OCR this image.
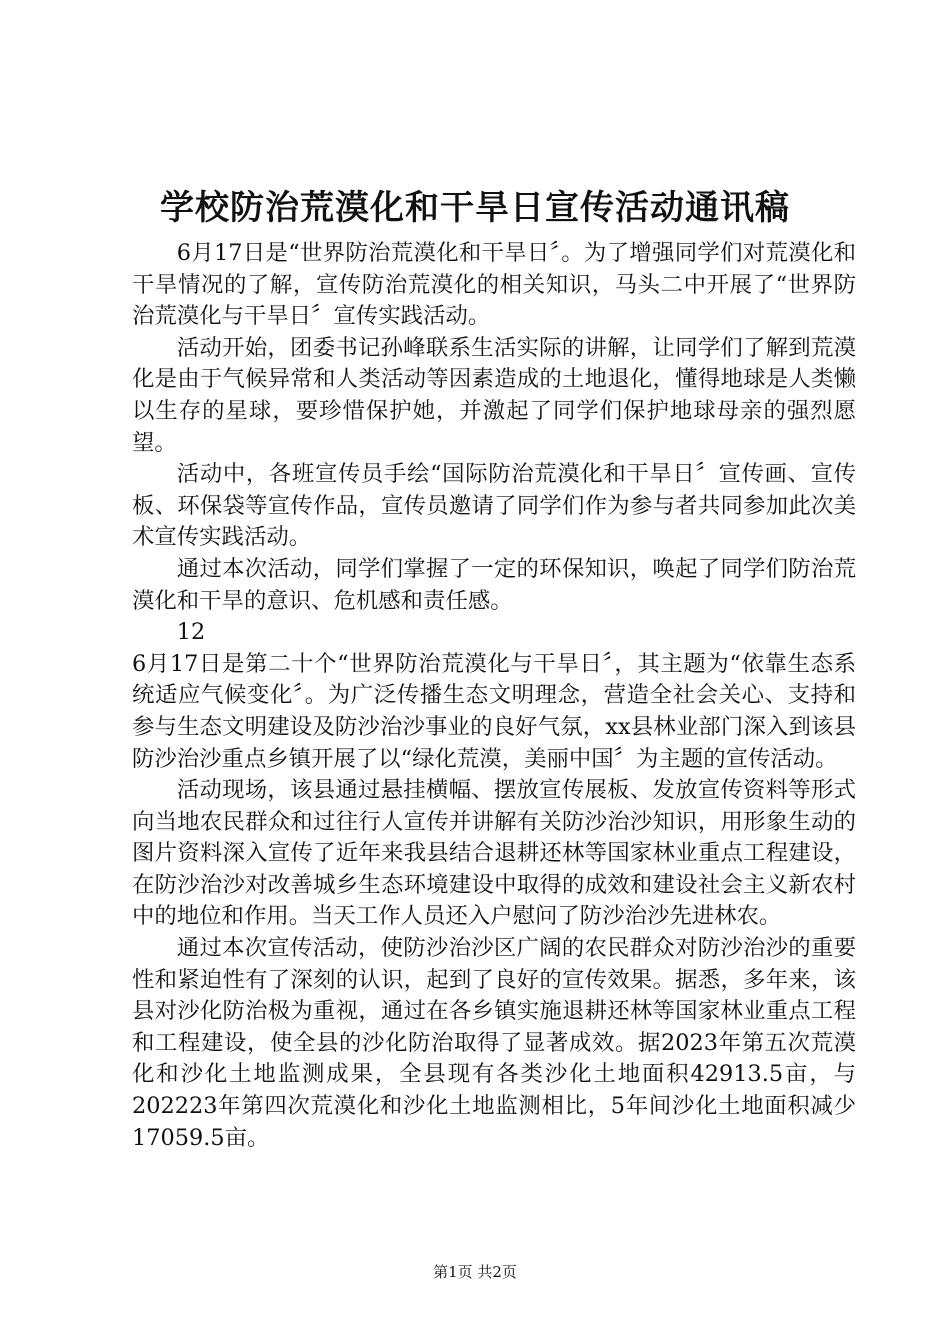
学校防治荒漠化和干旱日宣传活动通讯稿

6月17日是“世界防治荒漠化和干旱日〞。为了增强同学们对荒漠化和干旱情况的了解，宣传防治荒漠化的相关知识，马头二中开展了“世界防治荒漠化与干旱日〞宣传实践活动。

活动开始，团委书记孙峰联系生活实际的讲解，让同学们了解到荒漠化是由于气候异常和人类活动等因素造成的土地退化，懂得地球是人类懒以生存的星球，要珍惜保护她，并激起了同学们保护地球母亲的强烈愿望。

活动中，各班宣传员手绘“国际防治荒漠化和干旱日〞宣传画、宣传板、环保袋等宣传作品，宣传员邀请了同学们作为参与者共同参加此次美术宣传实践活动。

通过本次活动，同学们掌握了一定的环保知识，唤起了同学们防治荒漠化和干旱的意识、危机感和责任感。

12

6月17日是第二十个“世界防治荒漠化与干旱日〞，其主题为“依靠生态系统适应气候变化〞。为广泛传播生态文明理念，营造全社会关心、支持和参与生态文明建设及防沙治沙事业的良好气氛，xx县林业部门深入到该县防沙治沙重点乡镇开展了以“绿化荒漠，美丽中国〞为主题的宣传活动。

活动现场，该县通过悬挂横幅、摆放宣传展板、发放宣传资料等形式向当地农民群众和过往行人宣传并讲解有关防沙治沙知识，用形象生动的图片资料深入宣传了近年来我县结合退耕还林等国家林业重点工程建设，在防沙治沙对改善城乡生态环境建设中取得的成效和建设社会主义新农村中的地位和作用。当天工作人员还入户慰问了防沙治沙先进林农。

通过本次宣传活动，使防沙治沙区广阔的农民群众对防沙治沙的重要性和紧迫性有了深刻的认识，起到了良好的宣传效果。据悉，多年来，该县对沙化防治极为重视，通过在各乡镇实施退耕还林等国家林业重点工程和工程建设，使全县的沙化防治取得了显著成效。据2023年第五次荒漠化和沙化土地监测成果，全县现有各类沙化土地面积42913.5亩，与202223年第四次荒漠化和沙化土地监测相比，5年间沙化土地面积减少17059.5亩。

第1页 共2页
